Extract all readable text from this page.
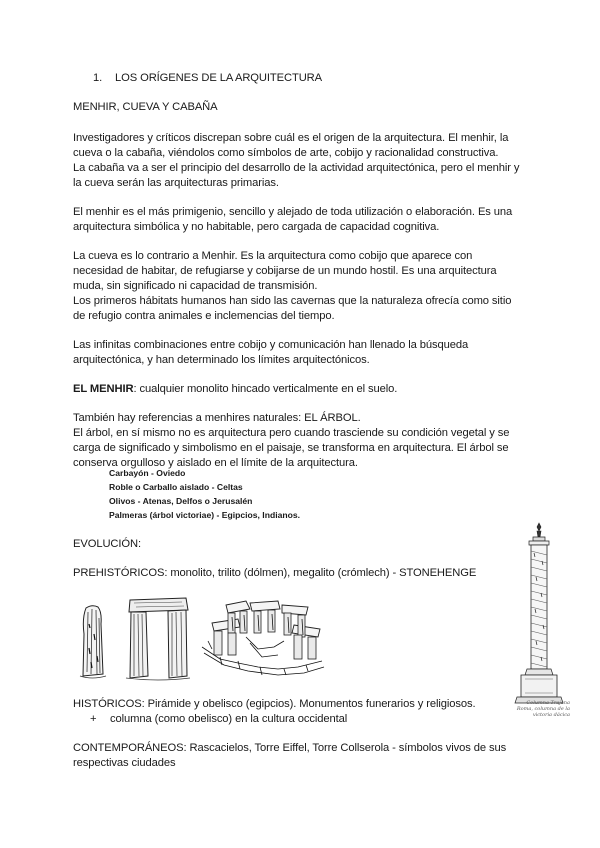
1. LOS ORÍGENES DE LA ARQUITECTURA
MENHIR, CUEVA Y CABAÑA
Investigadores y críticos discrepan sobre cuál es el origen de la arquitectura. El menhir, la
cueva o la cabaña, viéndolos como símbolos de arte, cobijo y racionalidad constructiva.
La cabaña va a ser el principio del desarrollo de la actividad arquitectónica, pero el menhir y
la cueva serán las arquitecturas primarias.
El menhir es el más primigenio, sencillo y alejado de toda utilización o elaboración. Es una
arquitectura simbólica y no habitable, pero cargada de capacidad cognitiva.
La cueva es lo contrario a Menhir. Es la arquitectura como cobijo que aparece con
necesidad de habitar, de refugiarse y cobijarse de un mundo hostil. Es una arquitectura
muda, sin significado ni capacidad de transmisión.
Los primeros hábitats humanos han sido las cavernas que la naturaleza ofrecía como sitio
de refugio contra animales e inclemencias del tiempo.
Las infinitas combinaciones entre cobijo y comunicación han llenado la búsqueda
arquitectónica, y han determinado los límites arquitectónicos.
EL MENHIR: cualquier monolito hincado verticalmente en el suelo.
También hay referencias a menhires naturales: EL ÁRBOL.
El árbol, en sí mismo no es arquitectura pero cuando trasciende su condición vegetal y se
carga de significado y simbolismo en el paisaje, se transforma en arquitectura. El árbol se
conserva orgulloso y aislado en el límite de la arquitectura.
Carbayón - Oviedo
Roble o Carballo aislado - Celtas
Olivos - Atenas, Delfos o Jerusalén
Palmeras (árbol victoriae) - Egipcios, Indianos.
EVOLUCIÓN:
PREHISTÓRICOS: monolito, trilito (dólmen), megalito (crómlech) - STONEHENGE
Columna Trajana
Roma, columna de la
victoria dácica
HISTÓRICOS: Pirámide y obelisco (egipcios). Monumentos funerarios y religiosos.
+ columna (como obelisco) en la cultura occidental
CONTEMPORÁNEOS: Rascacielos, Torre Eiffel, Torre Collserola - símbolos vivos de sus
respectivas ciudades
